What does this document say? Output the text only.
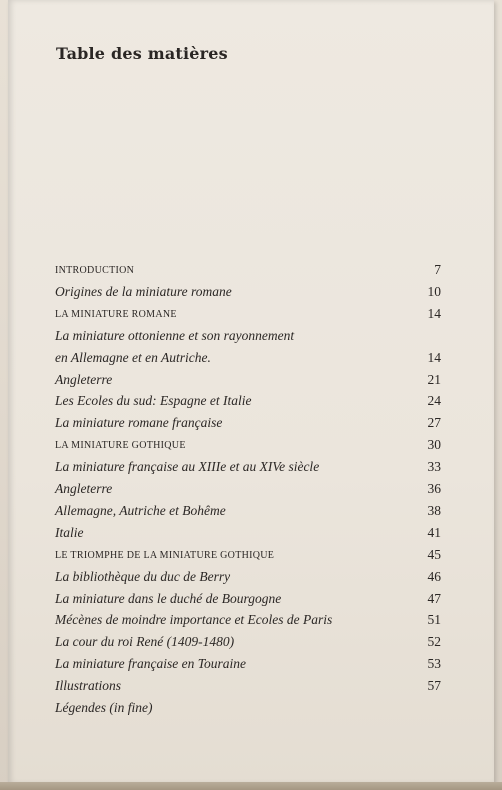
Table des matières
INTRODUCTION	7
Origines de la miniature romane	10
LA MINIATURE ROMANE	14
La miniature ottonienne et son rayonnement
en Allemagne et en Autriche.	14
Angleterre	21
Les Ecoles du sud: Espagne et Italie	24
La miniature romane française	27
LA MINIATURE GOTHIQUE	30
La miniature française au XIIIe et au XIVe siècle	33
Angleterre	36
Allemagne, Autriche et Bohême	38
Italie	41
LE TRIOMPHE DE LA MINIATURE GOTHIQUE	45
La bibliothèque du duc de Berry	46
La miniature dans le duché de Bourgogne	47
Mécènes de moindre importance et Ecoles de Paris	51
La cour du roi René (1409-1480)	52
La miniature française en Touraine	53
Illustrations	57
Légendes (in fine)
